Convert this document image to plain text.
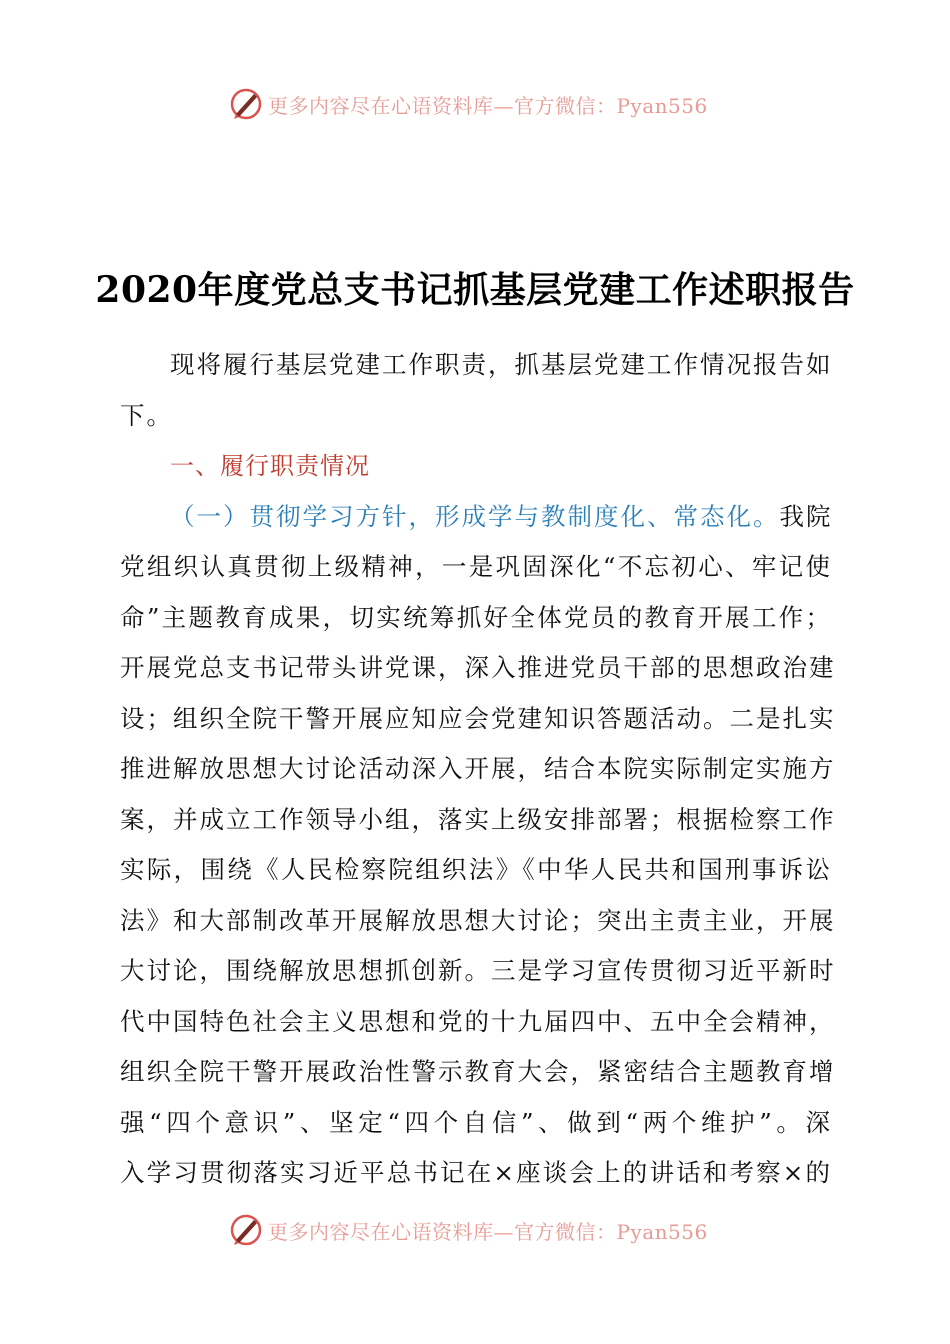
更多内容尽在心语资料库—官方微信：Pyan556
2020年度党总支书记抓基层党建工作述职报告
现将履行基层党建工作职责，抓基层党建工作情况报告如
下。
一、履行职责情况
（一）贯彻学习方针，形成学与教制度化、常态化。我院
党组织认真贯彻上级精神，一是巩固深化“不忘初心、牢记使
命”主题教育成果，切实统筹抓好全体党员的教育开展工作；
开展党总支书记带头讲党课，深入推进党员干部的思想政治建
设；组织全院干警开展应知应会党建知识答题活动。二是扎实
推进解放思想大讨论活动深入开展，结合本院实际制定实施方
案，并成立工作领导小组，落实上级安排部署；根据检察工作
实际，围绕《人民检察院组织法》《中华人民共和国刑事诉讼
法》和大部制改革开展解放思想大讨论；突出主责主业，开展
大讨论，围绕解放思想抓创新。三是学习宣传贯彻习近平新时
代中国特色社会主义思想和党的十九届四中、五中全会精神，
组织全院干警开展政治性警示教育大会，紧密结合主题教育增
强“四个意识”、坚定“四个自信”、做到“两个维护”。深
入学习贯彻落实习近平总书记在×座谈会上的讲话和考察×的
更多内容尽在心语资料库—官方微信：Pyan556
